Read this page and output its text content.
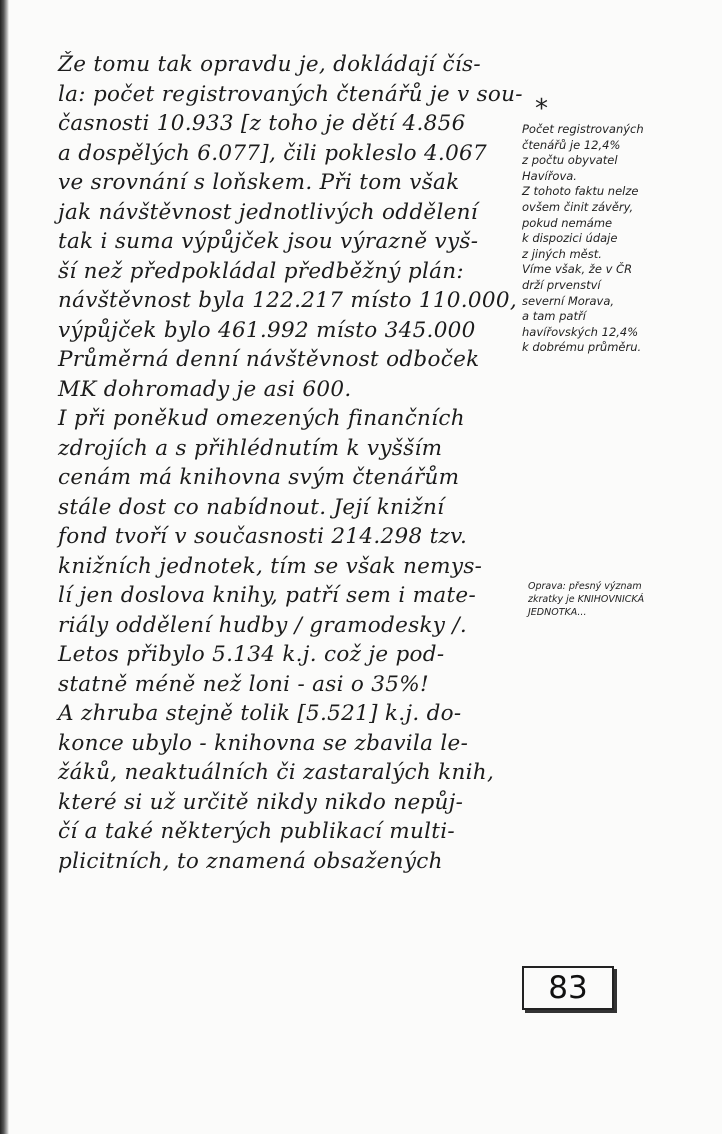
Že tomu tak opravdu je, dokládají čís-
la: počet registrovaných čtenářů je v sou-
časnosti 10.933 [z toho je dětí 4.856
a dospělých 6.077], čili pokleslo 4.067
ve srovnání s loňskem. Při tom však
jak návštěvnost jednotlivých oddělení
tak i suma výpůjček jsou výrazně vyš-
ší než předpokládal předběžný plán:
návštěvnost byla 122.217 místo 110.000,
výpůjček bylo 461.992 místo 345.000
Průměrná denní návštěvnost odboček
MK dohromady je asi 600.
I při poněkud omezených finančních
zdrojích a s přihlédnutím k vyšším
cenám má knihovna svým čtenářům
stále dost co nabídnout. Její knižní
fond tvoří v současnosti 214.298 tzv.
knižních jednotek, tím se však nemys-
lí jen doslova knihy, patří sem i mate-
riály oddělení hudby / gramodesky /.
Letos přibylo 5.134 k.j. což je pod-
statně méně než loni - asi o 35%!
A zhruba stejně tolik [5.521] k.j. do-
konce ubylo - knihovna se zbavila le-
žáků, neaktuálních či zastaralých knih,
které si už určitě nikdy nikdo nepůj-
čí a také některých publikací multi-
plicitních, to znamená obsažených
*
Počet registrovaných
čtenářů je 12,4%
z počtu obyvatel
Havířova.
Z tohoto faktu nelze
ovšem činit závěry,
pokud nemáme
k dispozici údaje
z jiných měst.
Víme však, že v ČR
drží prvenství
severní Morava,
a tam patří
havířovských 12,4%
k dobrému průměru.
Oprava: přesný význam
zkratky je KNIHOVNICKÁ
JEDNOTKA...
83
